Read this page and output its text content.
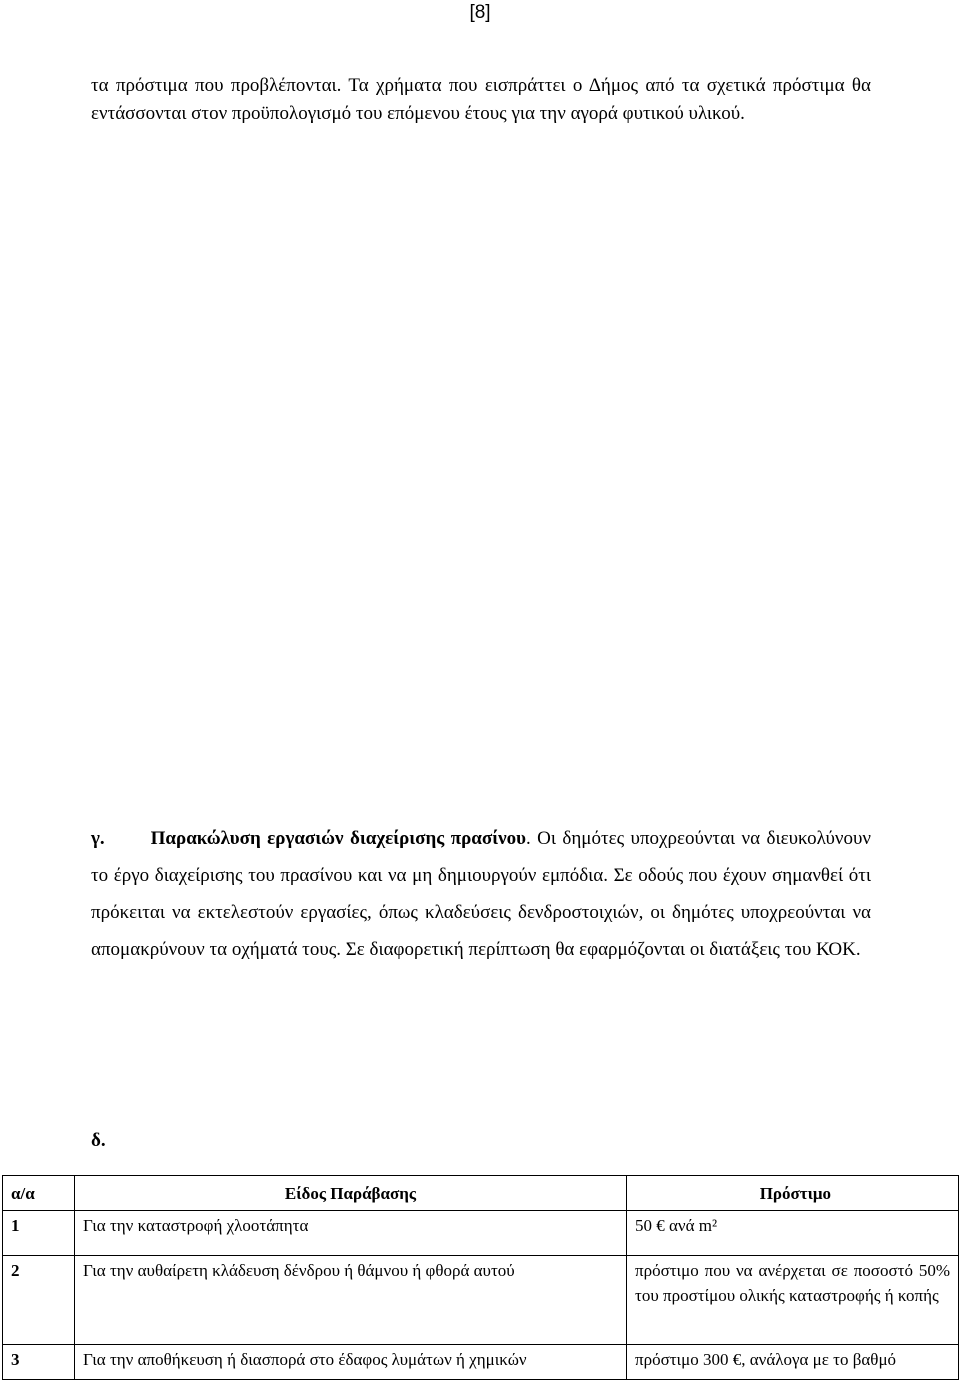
[8]

τα πρόστιμα που προβλέπονται. Τα χρήματα που εισπράττει ο Δήμος από τα σχετικά πρόστιμα θα εντάσσονται στον προϋπολογισμό του επόμενου έτους για την αγορά φυτικού υλικού.

γ. Παρακώλυση εργασιών διαχείρισης πρασίνου. Οι δημότες υποχρεούνται να διευκολύνουν το έργο διαχείρισης του πρασίνου και να μη δημιουργούν εμπόδια. Σε οδούς που έχουν σημανθεί ότι πρόκειται να εκτελεστούν εργασίες, όπως κλαδεύσεις δενδροστοιχιών, οι δημότες υποχρεούνται να απομακρύνουν τα οχήματά τους. Σε διαφορετική περίπτωση θα εφαρμόζονται οι διατάξεις του ΚΟΚ.

δ.
α/α	Είδος Παράβασης	Πρόστιμο
1	Για την καταστροφή χλοοτάπητα	50 € ανά m²
2	Για την αυθαίρετη κλάδευση δένδρου ή θάμνου ή φθορά αυτού	πρόστιμο που να ανέρχεται σε ποσοστό 50% του προστίμου ολικής καταστροφής ή κοπής
3	Για την αποθήκευση ή διασπορά στο έδαφος λυμάτων ή χημικών	πρόστιμο 300 €, ανάλογα με το βαθμό
